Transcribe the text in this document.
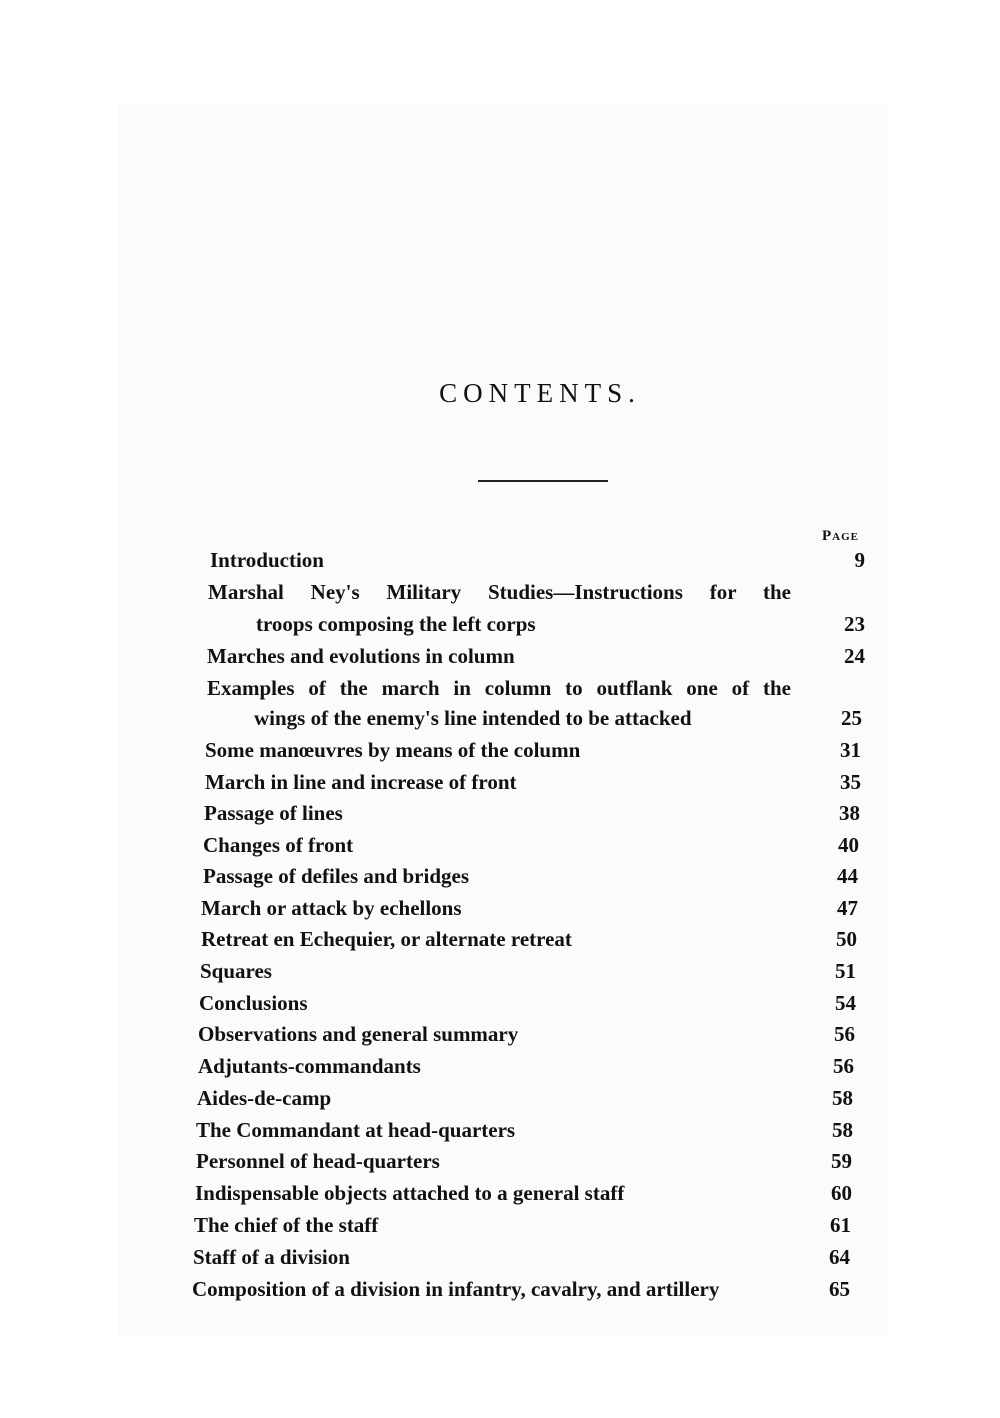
CONTENTS.
Page
Introduction	9
Marshal Ney's Military Studies—Instructions for the
troops composing the left corps	23
Marches and evolutions in column	24
Examples of the march in column to outflank one of the
wings of the enemy's line intended to be attacked	25
Some manœuvres by means of the column	31
March in line and increase of front	35
Passage of lines	38
Changes of front	40
Passage of defiles and bridges	44
March or attack by echellons	47
Retreat en Echequier, or alternate retreat	50
Squares	51
Conclusions	54
Observations and general summary	56
Adjutants-commandants	56
Aides-de-camp	58
The Commandant at head-quarters	58
Personnel of head-quarters	59
Indispensable objects attached to a general staff	60
The chief of the staff	61
Staff of a division	64
Composition of a division in infantry, cavalry, and artillery	65
